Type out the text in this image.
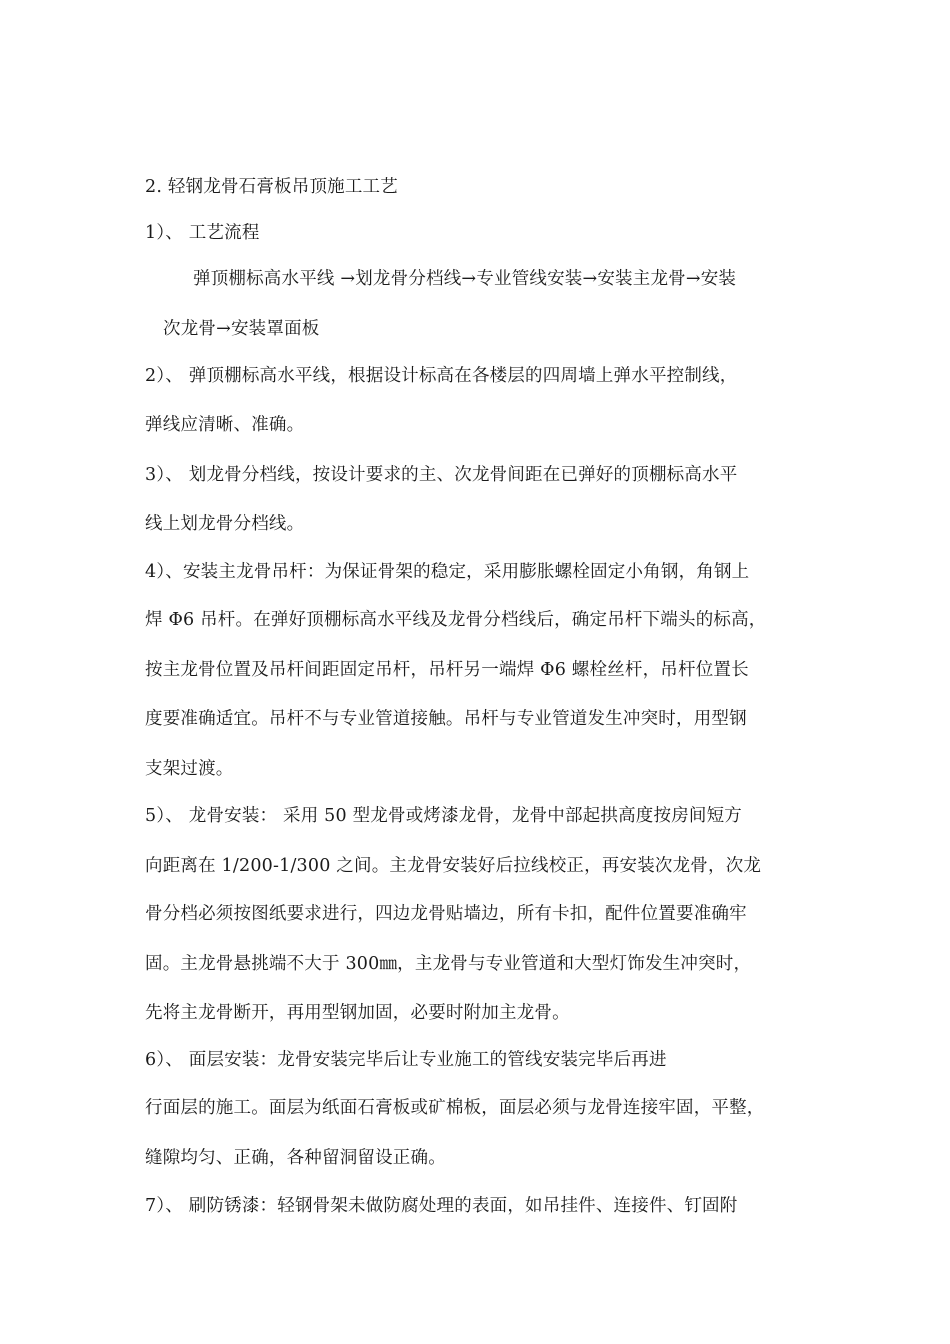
2. 轻钢龙骨石膏板吊顶施工工艺
1）、 工艺流程
弹顶棚标高水平线 →划龙骨分档线→专业管线安装→安装主龙骨→安装
次龙骨→安装罩面板
2）、 弹顶棚标高水平线，根据设计标高在各楼层的四周墙上弹水平控制线，
弹线应清晰、准确。
3）、 划龙骨分档线，按设计要求的主、次龙骨间距在已弹好的顶棚标高水平
线上划龙骨分档线。
4）、安装主龙骨吊杆：为保证骨架的稳定，采用膨胀螺栓固定小角钢，角钢上
焊 Φ6 吊杆。在弹好顶棚标高水平线及龙骨分档线后，确定吊杆下端头的标高，
按主龙骨位置及吊杆间距固定吊杆，吊杆另一端焊 Φ6 螺栓丝杆，吊杆位置长
度要准确适宜。吊杆不与专业管道接触。吊杆与专业管道发生冲突时，用型钢
支架过渡。
5）、 龙骨安装： 采用 50 型龙骨或烤漆龙骨，龙骨中部起拱高度按房间短方
向距离在 1/200-1/300 之间。主龙骨安装好后拉线校正，再安装次龙骨，次龙
骨分档必须按图纸要求进行，四边龙骨贴墙边，所有卡扣，配件位置要准确牢
固。主龙骨悬挑端不大于 300㎜，主龙骨与专业管道和大型灯饰发生冲突时，
先将主龙骨断开，再用型钢加固，必要时附加主龙骨。
6）、 面层安装：龙骨安装完毕后让专业施工的管线安装完毕后再进
行面层的施工。面层为纸面石膏板或矿棉板，面层必须与龙骨连接牢固，平整，
缝隙均匀、正确，各种留洞留设正确。
7）、 刷防锈漆：轻钢骨架未做防腐处理的表面，如吊挂件、连接件、钉固附
